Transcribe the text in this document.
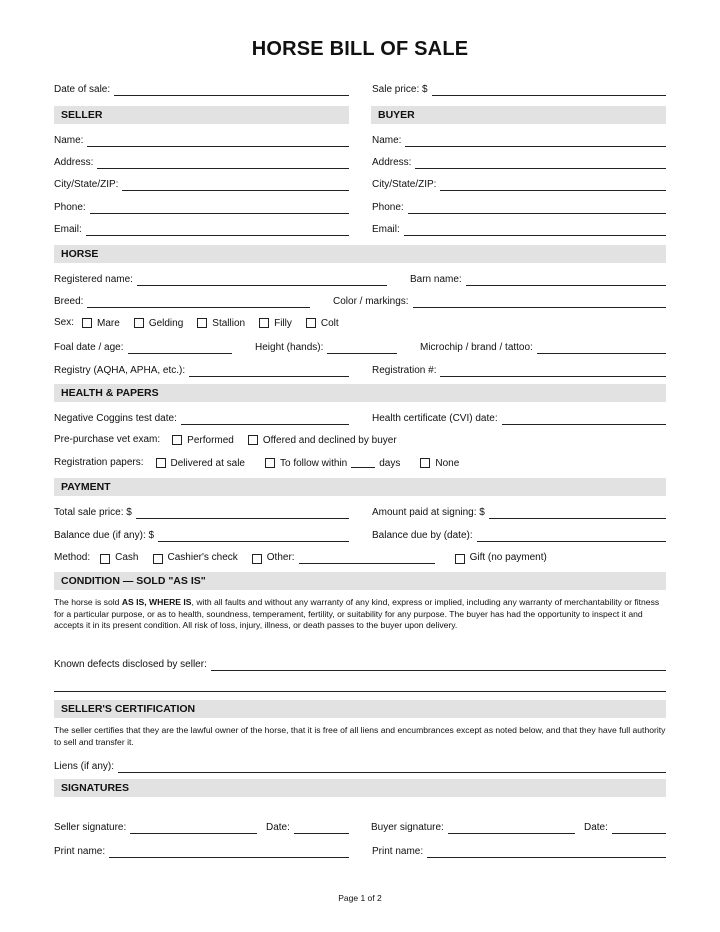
HORSE BILL OF SALE
Date of sale:	Sale price: $
SELLER	BUYER
Name:	Name:
Address:	Address:
City/State/ZIP:	City/State/ZIP:
Phone:	Phone:
Email:	Email:
HORSE
Registered name:	Barn name:
Breed:	Color / markings:
Sex: Mare	Gelding	Stallion	Filly	Colt
Foal date / age:	Height (hands):	Microchip / brand / tattoo:
Registry (AQHA, APHA, etc.):	Registration #:
HEALTH & PAPERS
Negative Coggins test date:	Health certificate (CVI) date:
Pre-purchase vet exam:	Performed	Offered and declined by buyer
Registration papers:	Delivered at sale	To follow within	days	None
PAYMENT
Total sale price: $	Amount paid at signing: $
Balance due (if any): $	Balance due by (date):
Method:	Cash	Cashier's check	Other:	Gift (no payment)
CONDITION — SOLD "AS IS"
The horse is sold AS IS, WHERE IS, with all faults and without any warranty of any kind, express or implied, including any warranty of merchantability or fitness for a particular purpose, or as to health, soundness, temperament, fertility, or suitability for any purpose. The buyer has had the opportunity to inspect it and accepts it in its present condition. All risk of loss, injury, illness, or death passes to the buyer upon delivery.
Known defects disclosed by seller:
SELLER'S CERTIFICATION
The seller certifies that they are the lawful owner of the horse, that it is free of all liens and encumbrances except as noted below, and that they have full authority to sell and transfer it.
Liens (if any):
SIGNATURES
Seller signature:	Date:	Buyer signature:	Date:
Print name:	Print name:
Page 1 of 2
